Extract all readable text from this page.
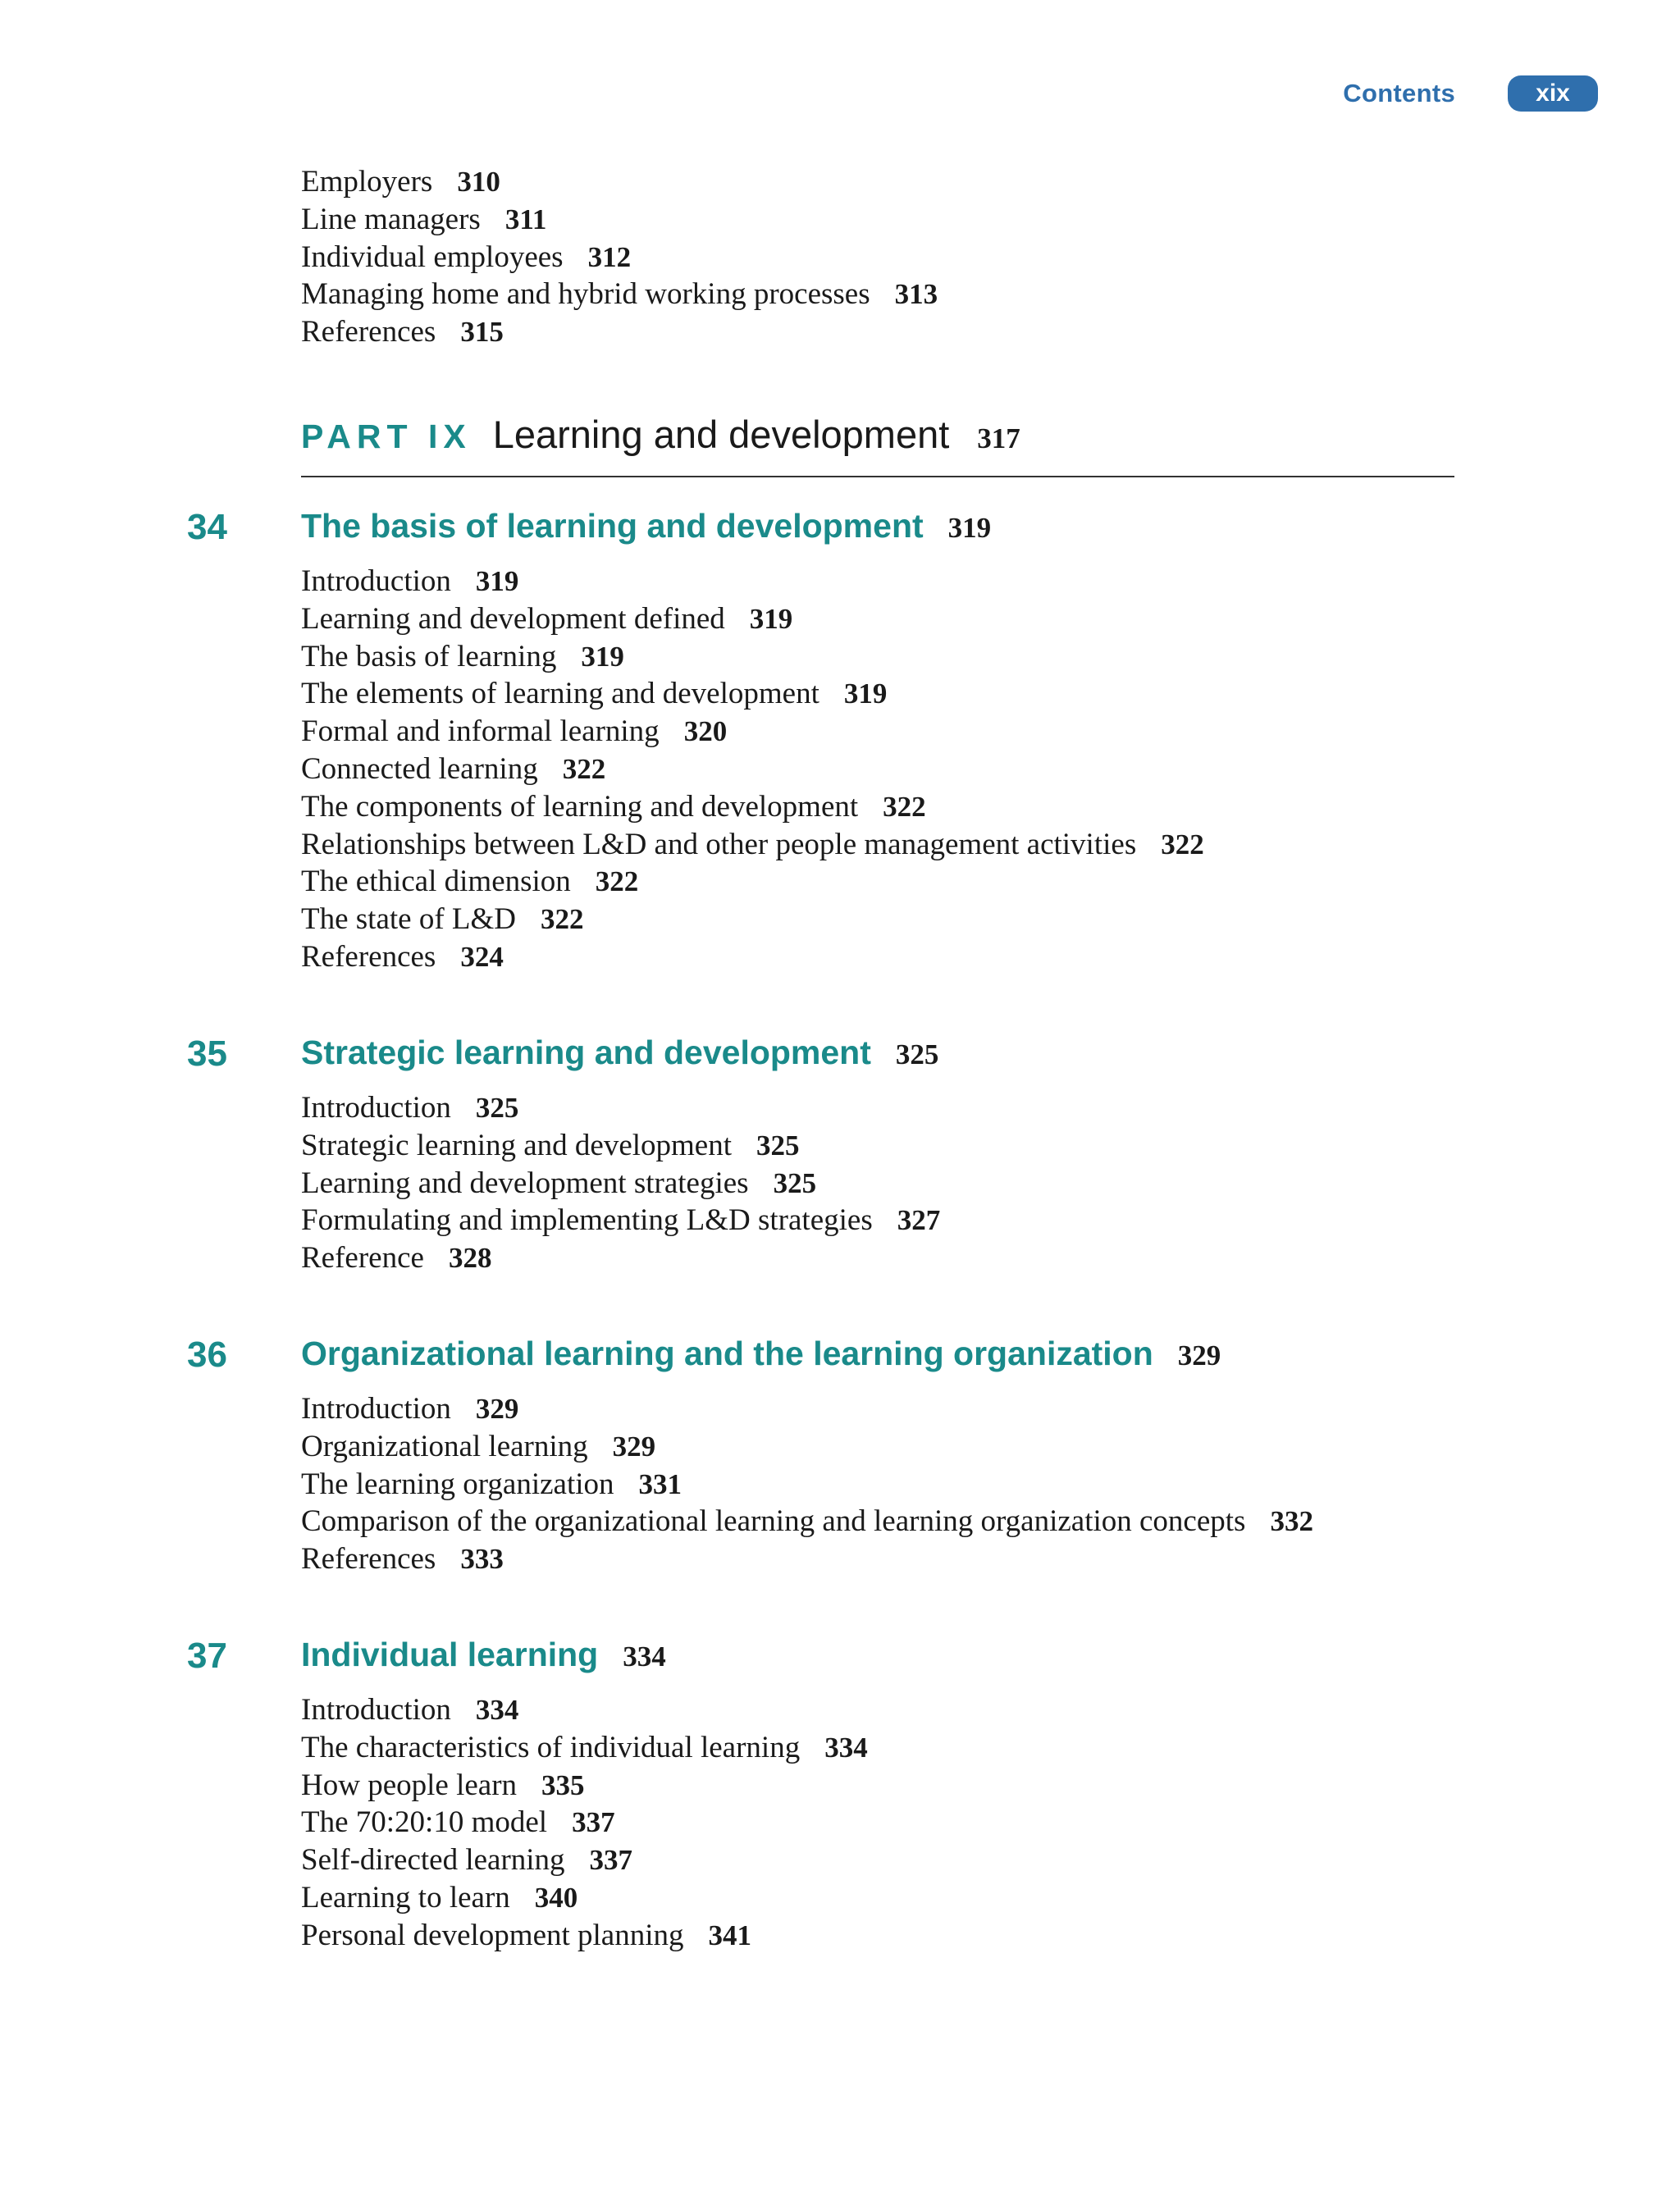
Contents	xix
Employers 310
Line managers 311
Individual employees 312
Managing home and hybrid working processes 313
References 315
PART IX Learning and development 317
34 The basis of learning and development 319
Introduction 319
Learning and development defined 319
The basis of learning 319
The elements of learning and development 319
Formal and informal learning 320
Connected learning 322
The components of learning and development 322
Relationships between L&D and other people management activities 322
The ethical dimension 322
The state of L&D 322
References 324
35 Strategic learning and development 325
Introduction 325
Strategic learning and development 325
Learning and development strategies 325
Formulating and implementing L&D strategies 327
Reference 328
36 Organizational learning and the learning organization 329
Introduction 329
Organizational learning 329
The learning organization 331
Comparison of the organizational learning and learning organization concepts 332
References 333
37 Individual learning 334
Introduction 334
The characteristics of individual learning 334
How people learn 335
The 70:20:10 model 337
Self-directed learning 337
Learning to learn 340
Personal development planning 341
